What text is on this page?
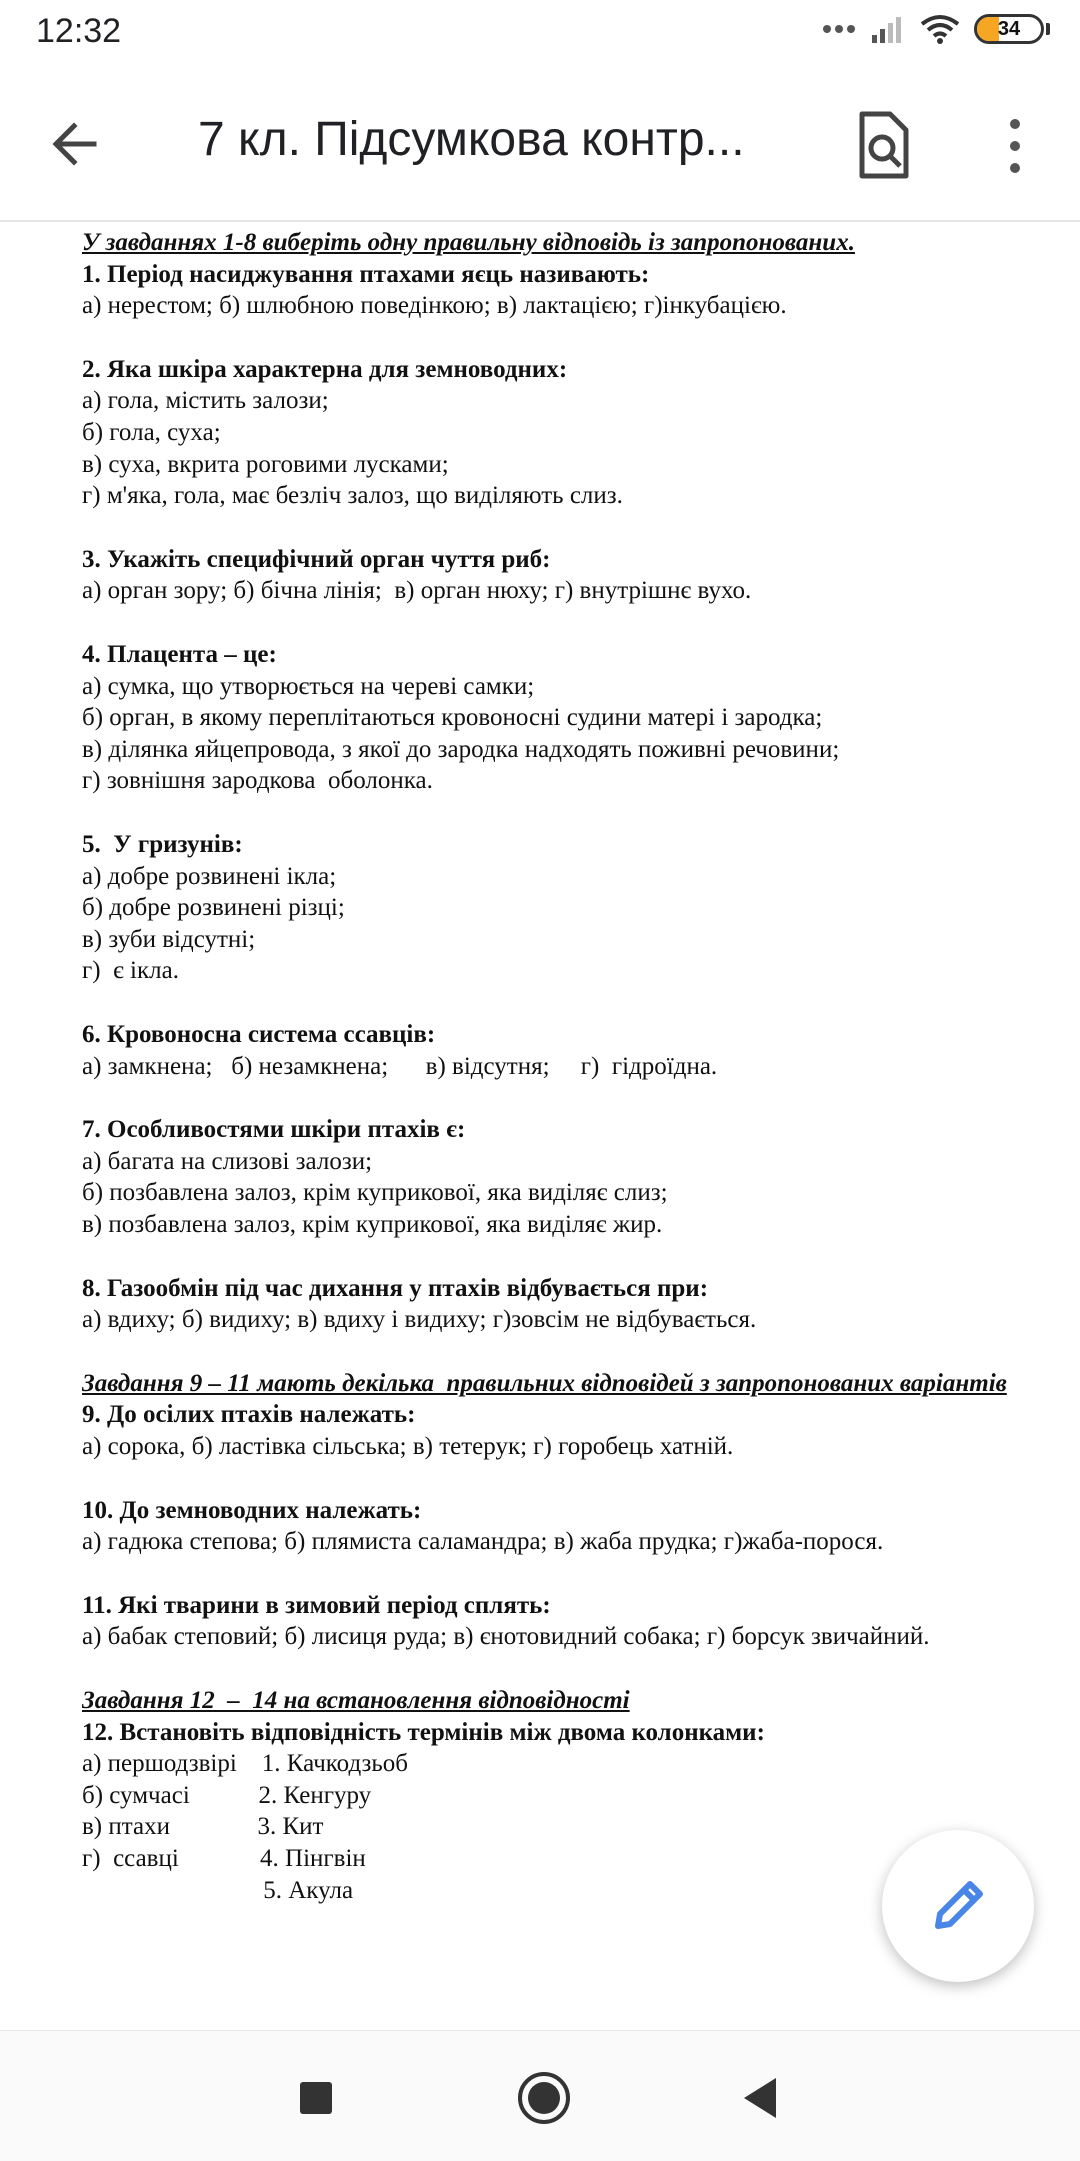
12:32	34
7 кл. Підсумкова контр...
У завданнях 1-8 виберіть одну правильну відповідь із запропонованих.
1. Період насиджування птахами яєць називають:
а) нерестом; б) шлюбною поведінкою; в) лактацією; г)інкубацією.
2. Яка шкіра характерна для земноводних:
а) гола, містить залози;
б) гола, суха;
в) суха, вкрита роговими лусками;
г) м'яка, гола, має безліч залоз, що виділяють слиз.
3. Укажіть специфічний орган чуття риб:
а) орган зору; б) бічна лінія;  в) орган нюху; г) внутрішнє вухо.
4. Плацента – це:
а) сумка, що утворюється на череві самки;
б) орган, в якому переплітаються кровоносні судини матері і зародка;
в) ділянка яйцепровода, з якої до зародка надходять поживні речовини;
г) зовнішня зародкова  оболонка.
5.  У гризунів:
а) добре розвинені ікла;
б) добре розвинені різці;
в) зуби відсутні;
г)  є ікла.
6. Кровоносна система ссавців:
а) замкнена;   б) незамкнена;      в) відсутня;     г)  гідроїдна.
7. Особливостями шкіри птахів є:
а) багата на слизові залози;
б) позбавлена залоз, крім куприкової, яка виділяє слиз;
в) позбавлена залоз, крім куприкової, яка виділяє жир.
8. Газообмін під час дихання у птахів відбувається при:
а) вдиху; б) видиху; в) вдиху і видиху; г)зовсім не відбувається.
Завдання 9 – 11 мають декілька  правильних відповідей з запропонованих варіантів
9. До осілих птахів належать:
а) сорока, б) ластівка сільська; в) тетерук; г) горобець хатній.
10. До земноводних належать:
а) гадюка степова; б) плямиста саламандра; в) жаба прудка; г)жаба-порося.
11. Які тварини в зимовий період сплять:
а) бабак степовий; б) лисиця руда; в) єнотовидний собака; г) борсук звичайний.
Завдання 12  –  14 на встановлення відповідності
12. Встановіть відповідність термінів між двома колонками:
а) першодзвірі    1. Качкодзьоб
б) сумчасі           2. Кенгуру
в) птахи              3. Кит
г)  ссавці             4. Пінгвін
5. Акула
